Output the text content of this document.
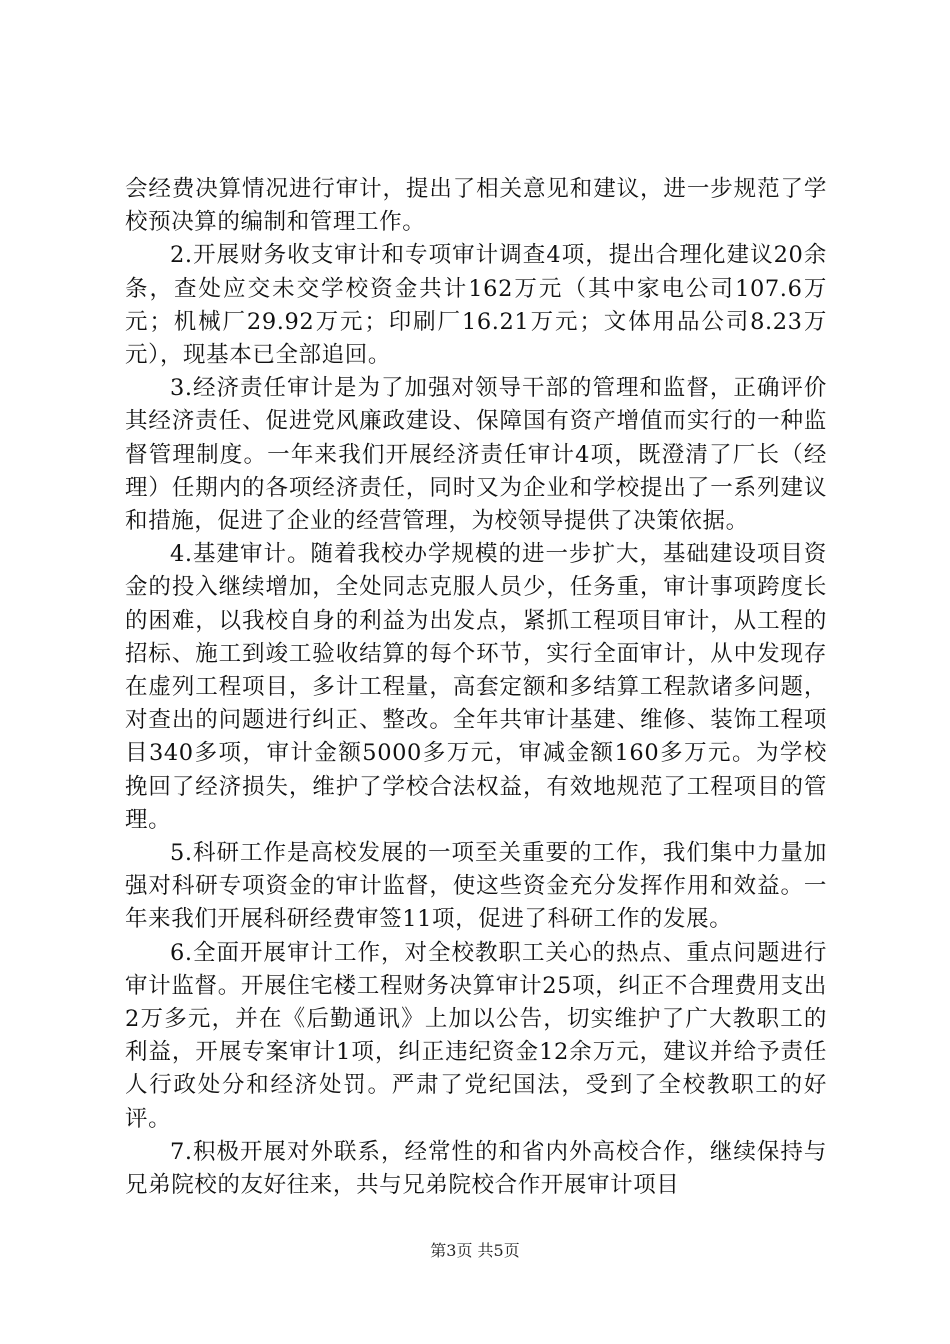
会经费决算情况进行审计，提出了相关意见和建议，进一步规范了学校预决算的编制和管理工作。

2.开展财务收支审计和专项审计调查4项，提出合理化建议20余条，查处应交未交学校资金共计162万元（其中家电公司107.6万元；机械厂29.92万元；印刷厂16.21万元；文体用品公司8.23万元），现基本已全部追回。

3.经济责任审计是为了加强对领导干部的管理和监督，正确评价其经济责任、促进党风廉政建设、保障国有资产增值而实行的一种监督管理制度。一年来我们开展经济责任审计4项，既澄清了厂长（经理）任期内的各项经济责任，同时又为企业和学校提出了一系列建议和措施，促进了企业的经营管理，为校领导提供了决策依据。

4.基建审计。随着我校办学规模的进一步扩大，基础建设项目资金的投入继续增加，全处同志克服人员少，任务重，审计事项跨度长的困难，以我校自身的利益为出发点，紧抓工程项目审计，从工程的招标、施工到竣工验收结算的每个环节，实行全面审计，从中发现存在虚列工程项目，多计工程量，高套定额和多结算工程款诸多问题，对查出的问题进行纠正、整改。全年共审计基建、维修、装饰工程项目340多项，审计金额5000多万元，审减金额160多万元。为学校挽回了经济损失，维护了学校合法权益，有效地规范了工程项目的管理。

5.科研工作是高校发展的一项至关重要的工作，我们集中力量加强对科研专项资金的审计监督，使这些资金充分发挥作用和效益。一年来我们开展科研经费审签11项，促进了科研工作的发展。

6.全面开展审计工作，对全校教职工关心的热点、重点问题进行审计监督。开展住宅楼工程财务决算审计25项，纠正不合理费用支出2万多元，并在《后勤通讯》上加以公告，切实维护了广大教职工的利益，开展专案审计1项，纠正违纪资金12余万元，建议并给予责任人行政处分和经济处罚。严肃了党纪国法，受到了全校教职工的好评。

7.积极开展对外联系，经常性的和省内外高校合作，继续保持与兄弟院校的友好往来，共与兄弟院校合作开展审计项目

第3页 共5页
